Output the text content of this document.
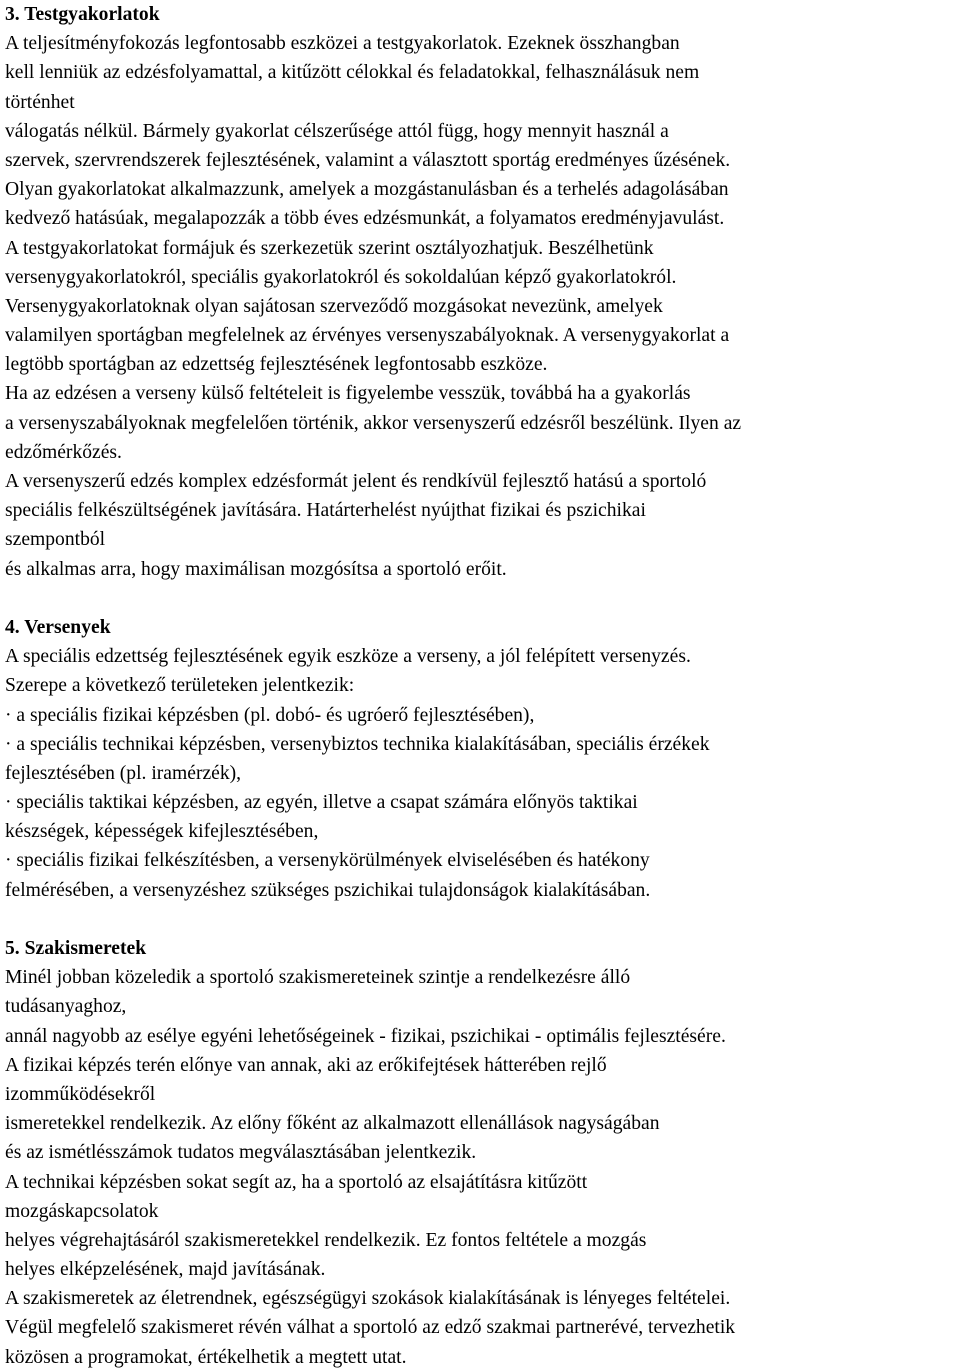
3. Testgyakorlatok
A teljesítményfokozás legfontosabb eszközei a testgyakorlatok. Ezeknek összhangban
kell lenniük az edzésfolyamattal, a kitűzött célokkal és feladatokkal, felhasználásuk nem
történhet
válogatás nélkül. Bármely gyakorlat célszerűsége attól függ, hogy mennyit használ a
szervek, szervrendszerek fejlesztésének, valamint a választott sportág eredményes űzésének.
Olyan gyakorlatokat alkalmazzunk, amelyek a mozgástanulásban és a terhelés adagolásában
kedvező hatásúak, megalapozzák a több éves edzésmunkát, a folyamatos eredményjavulást.
A testgyakorlatokat formájuk és szerkezetük szerint osztályozhatjuk. Beszélhetünk
versenygyakorlatokról, speciális gyakorlatokról és sokoldalúan képző gyakorlatokról.
Versenygyakorlatoknak olyan sajátosan szerveződő mozgásokat nevezünk, amelyek
valamilyen sportágban megfelelnek az érvényes versenyszabályoknak. A versenygyakorlat a
legtöbb sportágban az edzettség fejlesztésének legfontosabb eszköze.
Ha az edzésen a verseny külső feltételeit is figyelembe vesszük, továbbá ha a gyakorlás
a versenyszabályoknak megfelelően történik, akkor versenyszerű edzésről beszélünk. Ilyen az
edzőmérkőzés.
A versenyszerű edzés komplex edzésformát jelent és rendkívül fejlesztő hatású a sportoló
speciális felkészültségének javítására. Határterhelést nyújthat fizikai és pszichikai
szempontból
és alkalmas arra, hogy maximálisan mozgósítsa a sportoló erőit.
4. Versenyek
A speciális edzettség fejlesztésének egyik eszköze a verseny, a jól felépített versenyzés.
Szerepe a következő területeken jelentkezik:
· a speciális fizikai képzésben (pl. dobó- és ugróerő fejlesztésében),
· a speciális technikai képzésben, versenybiztos technika kialakításában, speciális érzékek
fejlesztésében (pl. iramérzék),
· speciális taktikai képzésben, az egyén, illetve a csapat számára előnyös taktikai
készségek, képességek kifejlesztésében,
· speciális fizikai felkészítésben, a versenykörülmények elviselésében és hatékony
felmérésében, a versenyzéshez szükséges pszichikai tulajdonságok kialakításában.
5. Szakismeretek
Minél jobban közeledik a sportoló szakismereteinek szintje a rendelkezésre álló
tudásanyaghoz,
annál nagyobb az esélye egyéni lehetőségeinek - fizikai, pszichikai - optimális fejlesztésére.
A fizikai képzés terén előnye van annak, aki az erőkifejtések hátterében rejlő
izomműködésekről
ismeretekkel rendelkezik. Az előny főként az alkalmazott ellenállások nagyságában
és az ismétlésszámok tudatos megválasztásában jelentkezik.
A technikai képzésben sokat segít az, ha a sportoló az elsajátításra kitűzött
mozgáskapcsolatok
helyes végrehajtásáról szakismeretekkel rendelkezik. Ez fontos feltétele a mozgás
helyes elképzelésének, majd javításának.
A szakismeretek az életrendnek, egészségügyi szokások kialakításának is lényeges feltételei.
Végül megfelelő szakismeret révén válhat a sportoló az edző szakmai partnerévé, tervezhetik
közösen a programokat, értékelhetik a megtett utat.
